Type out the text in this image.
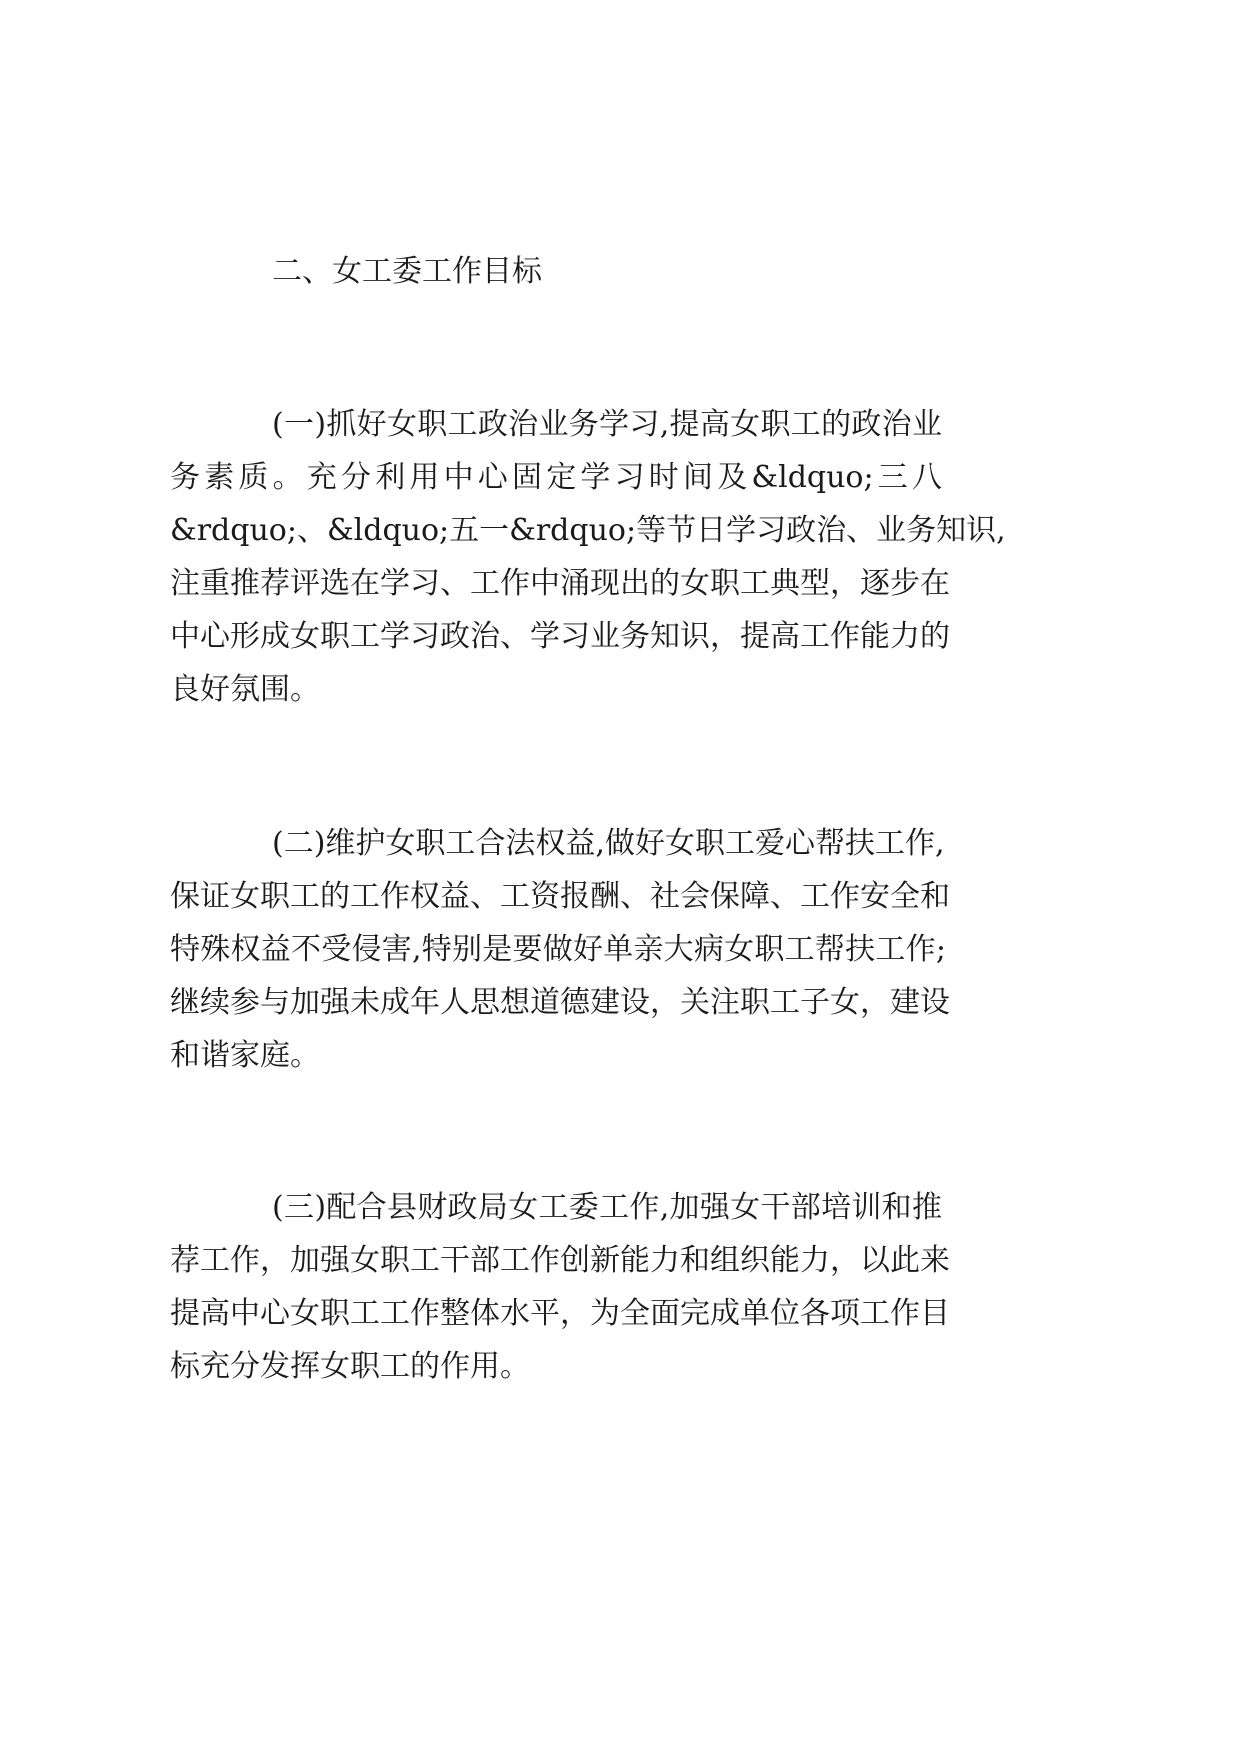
二、女工委工作目标
(一)抓好女职工政治业务学习,提高女职工的政治业
务素质。充分利用中心固定学习时间及&ldquo;三八
&rdquo;、&ldquo;五一&rdquo;等节日学习政治、业务知识,
注重推荐评选在学习、工作中涌现出的女职工典型，逐步在
中心形成女职工学习政治、学习业务知识，提高工作能力的
良好氛围。
(二)维护女职工合法权益,做好女职工爱心帮扶工作,
保证女职工的工作权益、工资报酬、社会保障、工作安全和
特殊权益不受侵害,特别是要做好单亲大病女职工帮扶工作;
继续参与加强未成年人思想道德建设，关注职工子女，建设
和谐家庭。
(三)配合县财政局女工委工作,加强女干部培训和推
荐工作，加强女职工干部工作创新能力和组织能力，以此来
提高中心女职工工作整体水平，为全面完成单位各项工作目
标充分发挥女职工的作用。
